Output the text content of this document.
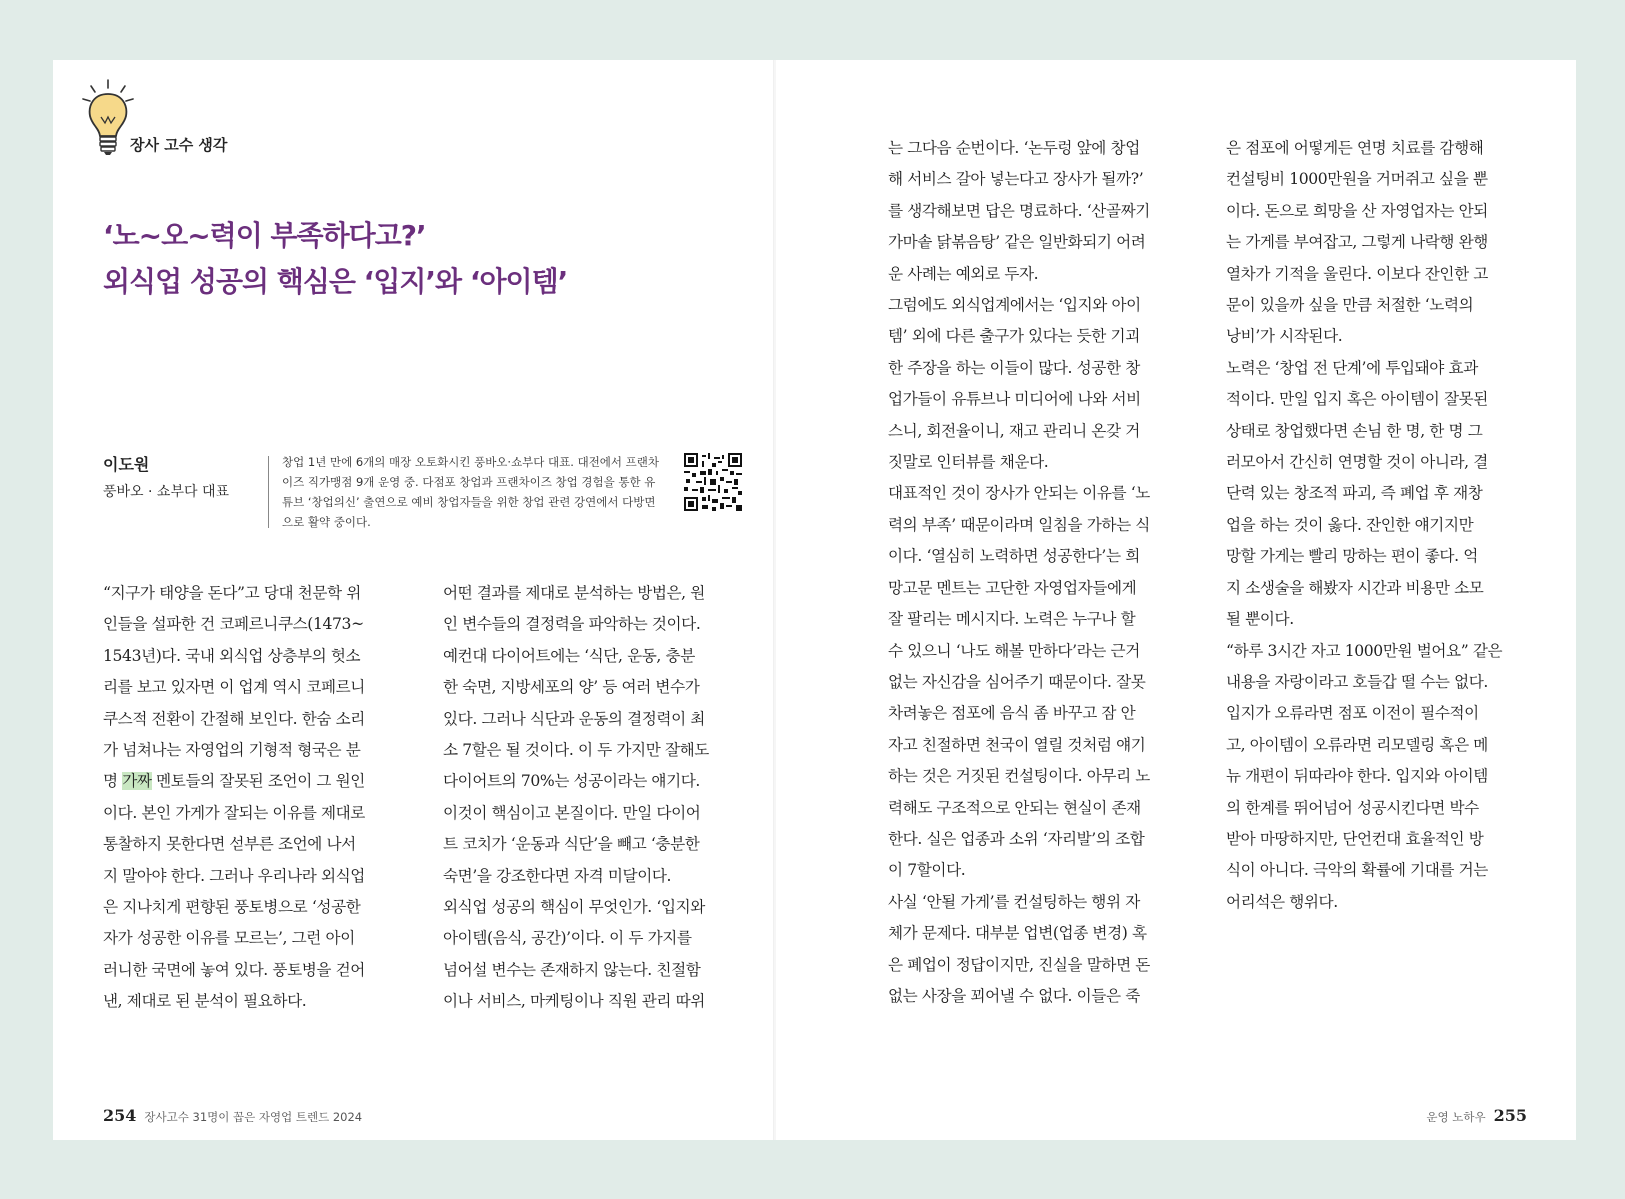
장사 고수 생각
‘노~오~력이 부족하다고?’
외식업 성공의 핵심은 ‘입지’와 ‘아이템’
이도원
풍바오 · 쇼부다 대표
창업 1년 만에 6개의 매장 오토화시킨 풍바오·쇼부다 대표. 대전에서 프랜차
이즈 직가맹점 9개 운영 중. 다점포 창업과 프랜차이즈 창업 경험을 통한 유
튜브 ‘창업의신’ 출연으로 예비 창업자들을 위한 창업 관련 강연에서 다방면
으로 활약 중이다.
“지구가 태양을 돈다”고 당대 천문학 위
인들을 설파한 건 코페르니쿠스(1473~
1543년)다. 국내 외식업 상층부의 헛소
리를 보고 있자면 이 업계 역시 코페르니
쿠스적 전환이 간절해 보인다. 한숨 소리
가 넘쳐나는 자영업의 기형적 형국은 분
명 가짜 멘토들의 잘못된 조언이 그 원인
이다. 본인 가게가 잘되는 이유를 제대로
통찰하지 못한다면 섣부른 조언에 나서
지 말아야 한다. 그러나 우리나라 외식업
은 지나치게 편향된 풍토병으로 ‘성공한
자가 성공한 이유를 모르는’, 그런 아이
러니한 국면에 놓여 있다. 풍토병을 걷어
낸, 제대로 된 분석이 필요하다.
어떤 결과를 제대로 분석하는 방법은, 원
인 변수들의 결정력을 파악하는 것이다.
예컨대 다이어트에는 ‘식단, 운동, 충분
한 숙면, 지방세포의 양’ 등 여러 변수가
있다. 그러나 식단과 운동의 결정력이 최
소 7할은 될 것이다. 이 두 가지만 잘해도
다이어트의 70%는 성공이라는 얘기다.
이것이 핵심이고 본질이다. 만일 다이어
트 코치가 ‘운동과 식단’을 빼고 ‘충분한
숙면’을 강조한다면 자격 미달이다.
외식업 성공의 핵심이 무엇인가. ‘입지와
아이템(음식, 공간)’이다. 이 두 가지를
넘어설 변수는 존재하지 않는다. 친절함
이나 서비스, 마케팅이나 직원 관리 따위
는 그다음 순번이다. ‘논두렁 앞에 창업
해 서비스 갈아 넣는다고 장사가 될까?’
를 생각해보면 답은 명료하다. ‘산골짜기
가마솥 닭볶음탕’ 같은 일반화되기 어려
운 사례는 예외로 두자.
그럼에도 외식업계에서는 ‘입지와 아이
템’ 외에 다른 출구가 있다는 듯한 기괴
한 주장을 하는 이들이 많다. 성공한 창
업가들이 유튜브나 미디어에 나와 서비
스니, 회전율이니, 재고 관리니 온갖 거
짓말로 인터뷰를 채운다.
대표적인 것이 장사가 안되는 이유를 ‘노
력의 부족’ 때문이라며 일침을 가하는 식
이다. ‘열심히 노력하면 성공한다’는 희
망고문 멘트는 고단한 자영업자들에게
잘 팔리는 메시지다. 노력은 누구나 할
수 있으니 ‘나도 해볼 만하다’라는 근거
없는 자신감을 심어주기 때문이다. 잘못
차려놓은 점포에 음식 좀 바꾸고 잠 안
자고 친절하면 천국이 열릴 것처럼 얘기
하는 것은 거짓된 컨설팅이다. 아무리 노
력해도 구조적으로 안되는 현실이 존재
한다. 실은 업종과 소위 ‘자리발’의 조합
이 7할이다.
사실 ‘안될 가게’를 컨설팅하는 행위 자
체가 문제다. 대부분 업변(업종 변경) 혹
은 폐업이 정답이지만, 진실을 말하면 돈
없는 사장을 꾀어낼 수 없다. 이들은 죽
은 점포에 어떻게든 연명 치료를 감행해
컨설팅비 1000만원을 거머쥐고 싶을 뿐
이다. 돈으로 희망을 산 자영업자는 안되
는 가게를 부여잡고, 그렇게 나락행 완행
열차가 기적을 울린다. 이보다 잔인한 고
문이 있을까 싶을 만큼 처절한 ‘노력의
낭비’가 시작된다.
노력은 ‘창업 전 단계’에 투입돼야 효과
적이다. 만일 입지 혹은 아이템이 잘못된
상태로 창업했다면 손님 한 명, 한 명 그
러모아서 간신히 연명할 것이 아니라, 결
단력 있는 창조적 파괴, 즉 폐업 후 재창
업을 하는 것이 옳다. 잔인한 얘기지만
망할 가게는 빨리 망하는 편이 좋다. 억
지 소생술을 해봤자 시간과 비용만 소모
될 뿐이다.
“하루 3시간 자고 1000만원 벌어요” 같은
내용을 자랑이라고 호들갑 떨 수는 없다.
입지가 오류라면 점포 이전이 필수적이
고, 아이템이 오류라면 리모델링 혹은 메
뉴 개편이 뒤따라야 한다. 입지와 아이템
의 한계를 뛰어넘어 성공시킨다면 박수
받아 마땅하지만, 단언컨대 효율적인 방
식이 아니다. 극악의 확률에 기대를 거는
어리석은 행위다.
254 장사고수 31명이 꼽은 자영업 트렌드 2024	운영 노하우 255
